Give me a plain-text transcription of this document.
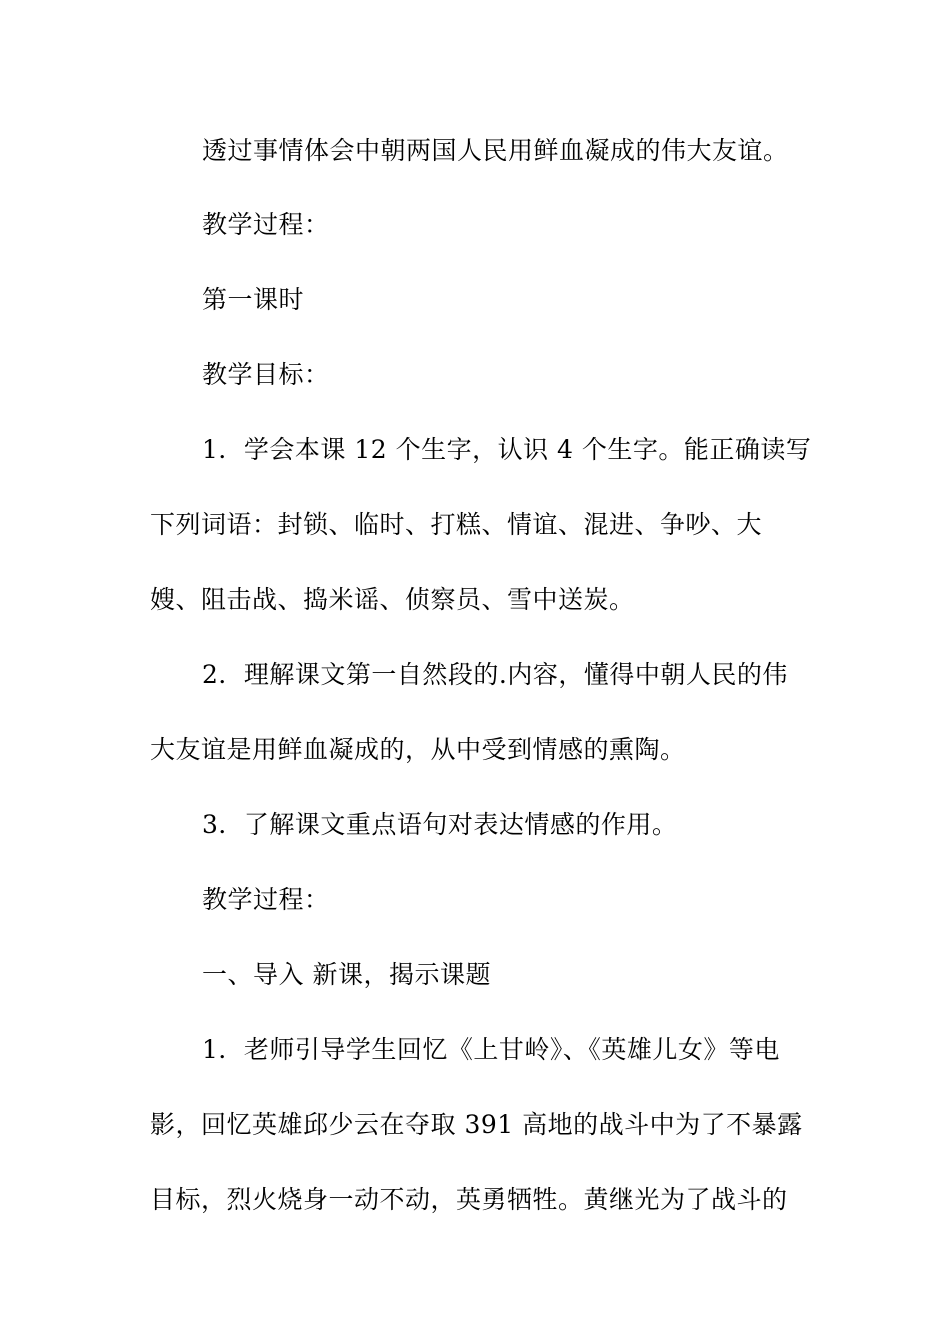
透过事情体会中朝两国人民用鲜血凝成的伟大友谊。
教学过程：
第一课时
教学目标：
1．学会本课 12 个生字，认识 4 个生字。能正确读写
下列词语：封锁、临时、打糕、情谊、混进、争吵、大
嫂、阻击战、捣米谣、侦察员、雪中送炭。
2．理解课文第一自然段的.内容，懂得中朝人民的伟
大友谊是用鲜血凝成的，从中受到情感的熏陶。
3．了解课文重点语句对表达情感的作用。
教学过程：
一、导入 新课，揭示课题
1．老师引导学生回忆《上甘岭》、《英雄儿女》等电
影，回忆英雄邱少云在夺取 391 高地的战斗中为了不暴露
目标，烈火烧身一动不动，英勇牺牲。黄继光为了战斗的
